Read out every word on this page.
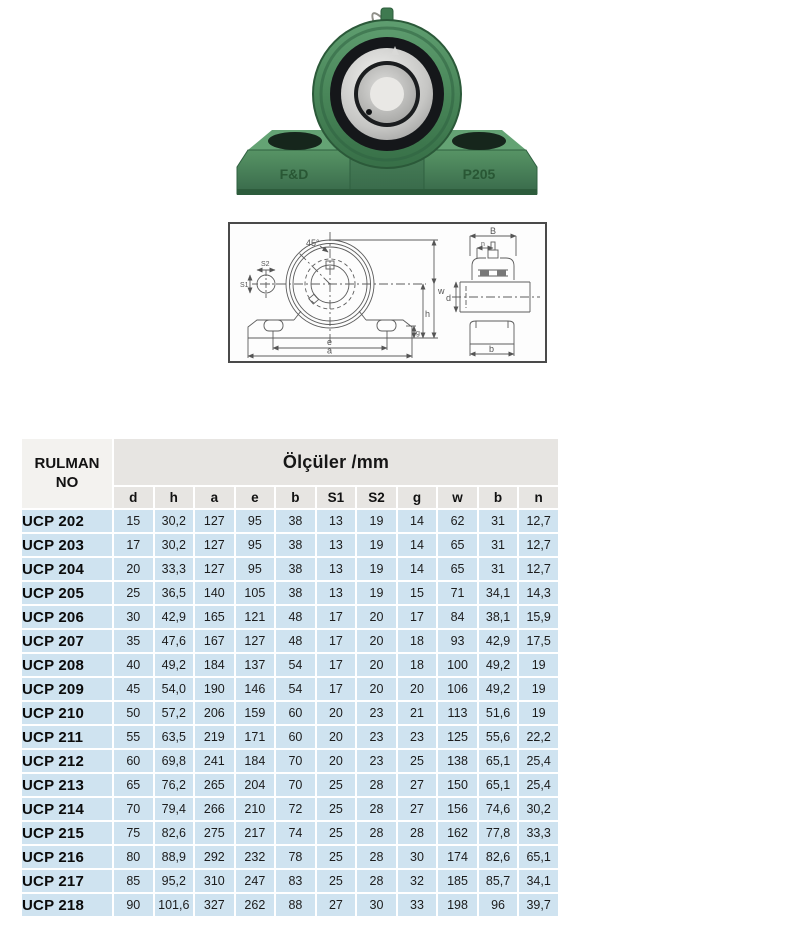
F&D	P205
45°
S2
S1
w
h
g
e
a
B
n
d
b
RULMAN
NO	Ölçüler /mm										
	d	h	a	e	b	S1	S2	g	w	b	n
UCP 202	15	30,2	127	95	38	13	19	14	62	31	12,7
UCP 203	17	30,2	127	95	38	13	19	14	65	31	12,7
UCP 204	20	33,3	127	95	38	13	19	14	65	31	12,7
UCP 205	25	36,5	140	105	38	13	19	15	71	34,1	14,3
UCP 206	30	42,9	165	121	48	17	20	17	84	38,1	15,9
UCP 207	35	47,6	167	127	48	17	20	18	93	42,9	17,5
UCP 208	40	49,2	184	137	54	17	20	18	100	49,2	19
UCP 209	45	54,0	190	146	54	17	20	20	106	49,2	19
UCP 210	50	57,2	206	159	60	20	23	21	113	51,6	19
UCP 211	55	63,5	219	171	60	20	23	23	125	55,6	22,2
UCP 212	60	69,8	241	184	70	20	23	25	138	65,1	25,4
UCP 213	65	76,2	265	204	70	25	28	27	150	65,1	25,4
UCP 214	70	79,4	266	210	72	25	28	27	156	74,6	30,2
UCP 215	75	82,6	275	217	74	25	28	28	162	77,8	33,3
UCP 216	80	88,9	292	232	78	25	28	30	174	82,6	65,1
UCP 217	85	95,2	310	247	83	25	28	32	185	85,7	34,1
UCP 218	90	101,6	327	262	88	27	30	33	198	96	39,7
